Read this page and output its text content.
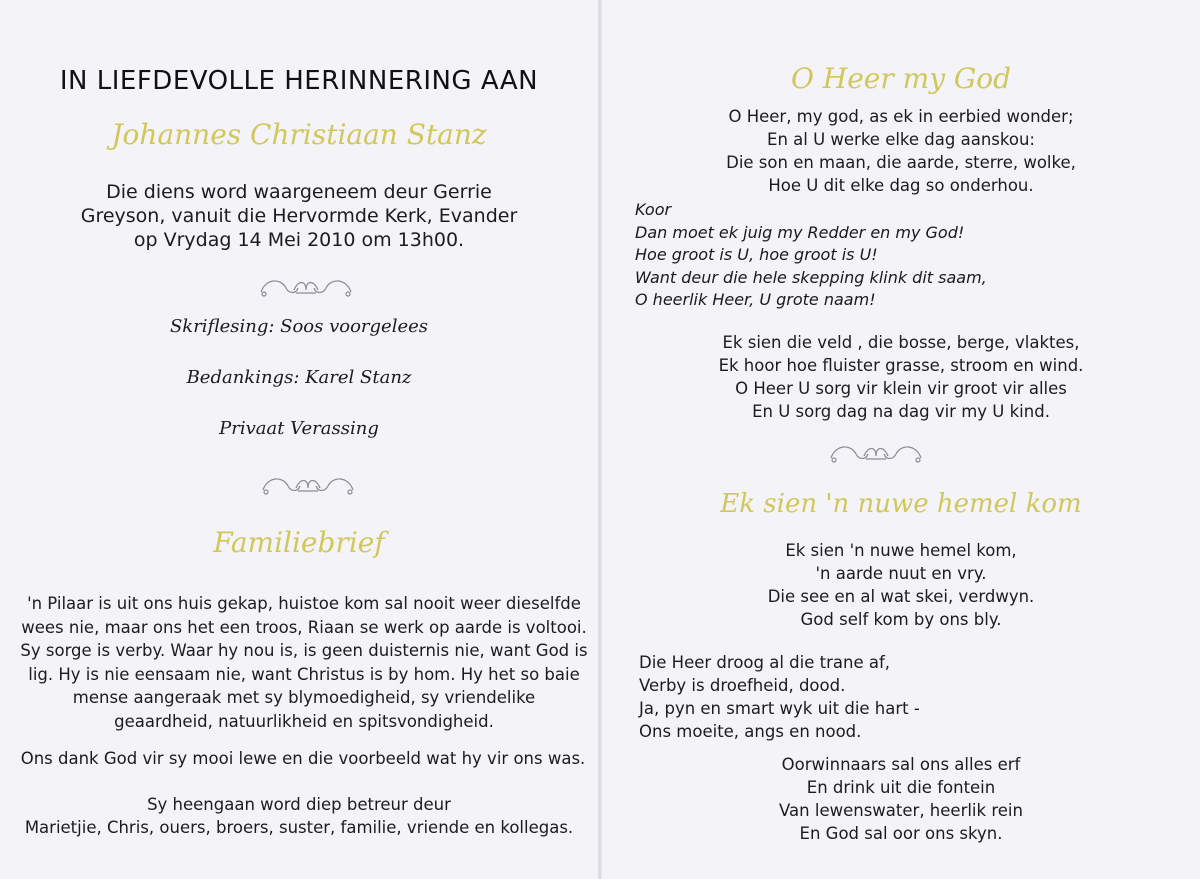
IN LIEFDEVOLLE HERINNERING AAN
Johannes Christiaan Stanz
Die diens word waargeneem deur Gerrie
Greyson, vanuit die Hervormde Kerk, Evander
op Vrydag 14 Mei 2010 om 13h00.
Skriflesing: Soos voorgelees
Bedankings: Karel Stanz
Privaat Verassing
Familiebrief
'n Pilaar is uit ons huis gekap, huistoe kom sal nooit weer dieselfde
wees nie, maar ons het een troos, Riaan se werk op aarde is voltooi.
Sy sorge is verby. Waar hy nou is, is geen duisternis nie, want God is
lig. Hy is nie eensaam nie, want Christus is by hom. Hy het so baie
mense aangeraak met sy blymoedigheid, sy vriendelike
geaardheid, natuurlikheid en spitsvondigheid.
Ons dank God vir sy mooi lewe en die voorbeeld wat hy vir ons was.
Sy heengaan word diep betreur deur
Marietjie, Chris, ouers, broers, suster, familie, vriende en kollegas.
O Heer my God
O Heer, my god, as ek in eerbied wonder;
En al U werke elke dag aanskou:
Die son en maan, die aarde, sterre, wolke,
Hoe U dit elke dag so onderhou.
Koor
Dan moet ek juig my Redder en my God!
Hoe groot is U, hoe groot is U!
Want deur die hele skepping klink dit saam,
O heerlik Heer, U grote naam!
Ek sien die veld , die bosse, berge, vlaktes,
Ek hoor hoe fluister grasse, stroom en wind.
O Heer U sorg vir klein vir groot vir alles
En U sorg dag na dag vir my U kind.
Ek sien 'n nuwe hemel kom
Ek sien 'n nuwe hemel kom,
'n aarde nuut en vry.
Die see en al wat skei, verdwyn.
God self kom by ons bly.
Die Heer droog al die trane af,
Verby is droefheid, dood.
Ja, pyn en smart wyk uit die hart -
Ons moeite, angs en nood.
Oorwinnaars sal ons alles erf
En drink uit die fontein
Van lewenswater, heerlik rein
En God sal oor ons skyn.
